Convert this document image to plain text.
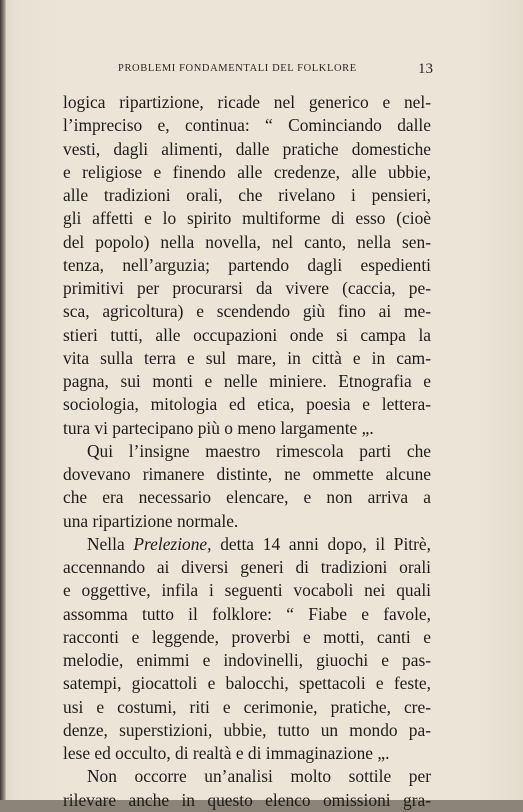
PROBLEMI FONDAMENTALI DEL FOLKLORE	13
logica ripartizione, ricade nel generico e nel-
l’impreciso e, continua: “ Cominciando dalle
vesti, dagli alimenti, dalle pratiche domestiche
e religiose e finendo alle credenze, alle ubbie,
alle tradizioni orali, che rivelano i pensieri,
gli affetti e lo spirito multiforme di esso (cioè
del popolo) nella novella, nel canto, nella sen-
tenza, nell’arguzia; partendo dagli espedienti
primitivi per procurarsi da vivere (caccia, pe-
sca, agricoltura) e scendendo giù fino ai me-
stieri tutti, alle occupazioni onde si campa la
vita sulla terra e sul mare, in città e in cam-
pagna, sui monti e nelle miniere. Etnografia e
sociologia, mitologia ed etica, poesia e lettera-
tura vi partecipano più o meno largamente „.
Qui l’insigne maestro rimescola parti che
dovevano rimanere distinte, ne ommette alcune
che era necessario elencare, e non arriva a
una ripartizione normale.
Nella Prelezione, detta 14 anni dopo, il Pitrè,
accennando ai diversi generi di tradizioni orali
e oggettive, infila i seguenti vocaboli nei quali
assomma tutto il folklore: “ Fiabe e favole,
racconti e leggende, proverbi e motti, canti e
melodie, enimmi e indovinelli, giuochi e pas-
satempi, giocattoli e balocchi, spettacoli e feste,
usi e costumi, riti e cerimonie, pratiche, cre-
denze, superstizioni, ubbie, tutto un mondo pa-
lese ed occulto, di realtà e di immaginazione „.
Non occorre un’analisi molto sottile per
rilevare anche in questo elenco omissioni gra-
